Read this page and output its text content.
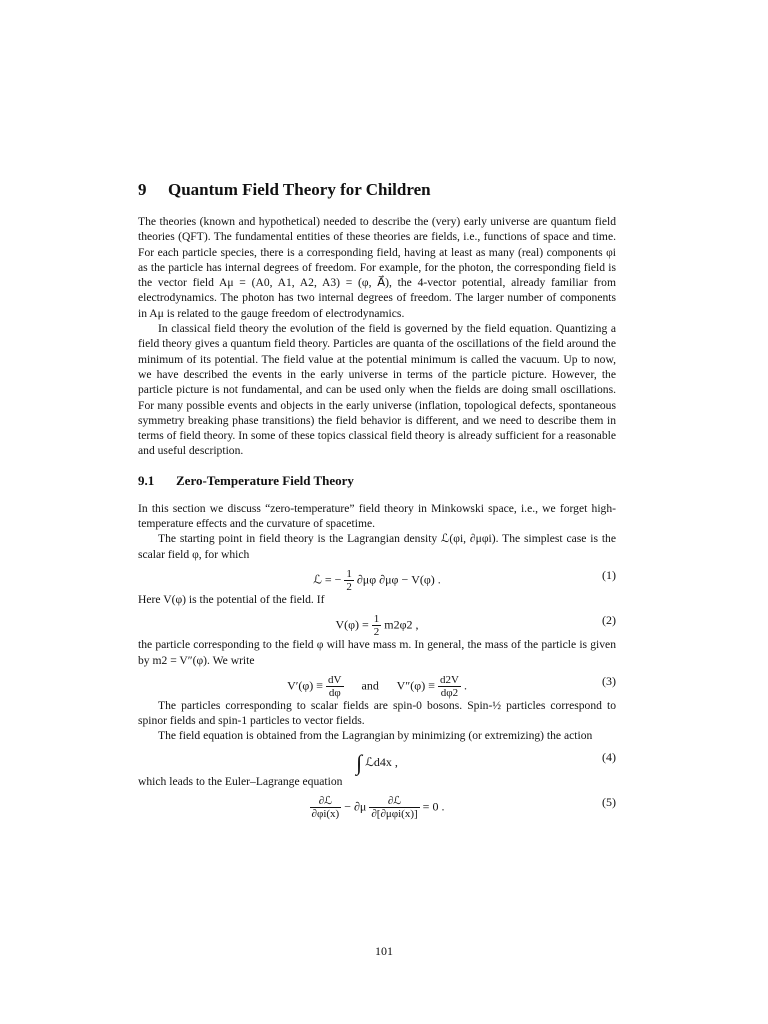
9 Quantum Field Theory for Children

The theories (known and hypothetical) needed to describe the (very) early universe are quantum field theories (QFT). The fundamental entities of these theories are fields, i.e., functions of space and time. For each particle species, there is a corresponding field, having at least as many (real) components φi as the particle has internal degrees of freedom. For example, for the photon, the corresponding field is the vector field Aμ = (A0, A1, A2, A3) = (φ, A⃗), the 4-vector potential, already familiar from electrodynamics. The photon has two internal degrees of freedom. The larger number of components in Aμ is related to the gauge freedom of electrodynamics.

In classical field theory the evolution of the field is governed by the field equation. Quantizing a field theory gives a quantum field theory. Particles are quanta of the oscillations of the field around the minimum of its potential. The field value at the potential minimum is called the vacuum. Up to now, we have described the events in the early universe in terms of the particle picture. However, the particle picture is not fundamental, and can be used only when the fields are doing small oscillations. For many possible events and objects in the early universe (inflation, topological defects, spontaneous symmetry breaking phase transitions) the field behavior is different, and we need to describe them in terms of field theory. In some of these topics classical field theory is already sufficient for a reasonable and useful description.

9.1 Zero-Temperature Field Theory

In this section we discuss “zero-temperature” field theory in Minkowski space, i.e., we forget high-temperature effects and the curvature of spacetime.

The starting point in field theory is the Lagrangian density ℒ(φi, ∂μφi). The simplest case is the scalar field φ, for which

ℒ = − $\frac{1}{2} \partial\mu\varphi$ ∂μφ − V(φ) .	(1)

Here V(φ) is the potential of the field. If

$V(\varphi) = \frac{1}{2} m2\varphi 2$ ,	(2)

the particle corresponding to the field φ will have mass m. In general, the mass of the particle is given by m2 = V″(φ). We write

$V'(\varphi) \equiv \frac{dV}{d\varphi}$ and $V''(\varphi) \equiv \frac{d2V}{d\varphi 2}$ .	(3)

The particles corresponding to scalar fields are spin-0 bosons. Spin-½ particles correspond to spinor fields and spin-1 particles to vector fields.

The field equation is obtained from the Lagrangian by minimizing (or extremizing) the action

∫ ℒd4x ,	(4)

which leads to the Euler–Lagrange equation

$\frac{\text{∂ℒ}}{\partial\varphi i(x)} - \partial\mu \frac{\text{∂ℒ}}{\text{∂[∂μφi(x)]}} = 0$ .	(5)
101
